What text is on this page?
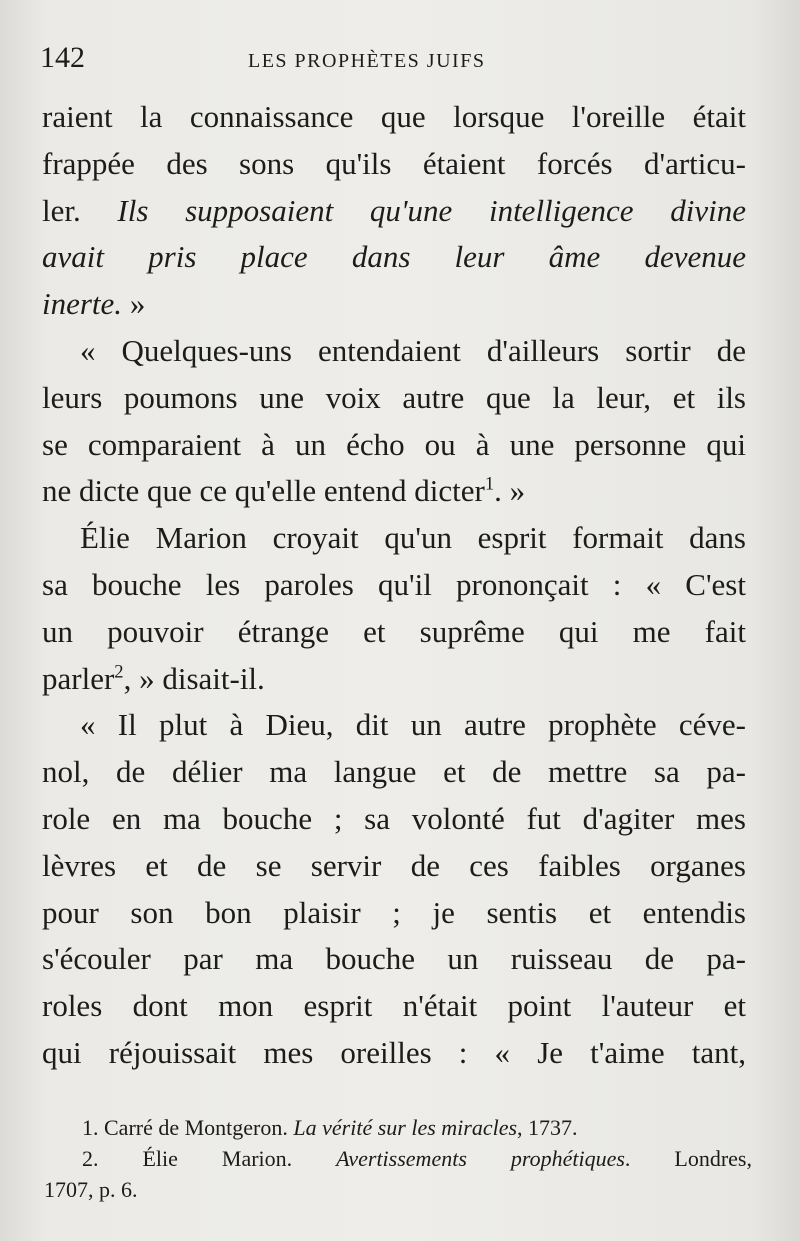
142	LES PROPHÈTES JUIFS
raient la connaissance que lorsque l'oreille était
frappée des sons qu'ils étaient forcés d'articu-
ler. Ils supposaient qu'une intelligence divine
avait pris place dans leur âme devenue
inerte. »
« Quelques-uns entendaient d'ailleurs sortir de
leurs poumons une voix autre que la leur, et ils
se comparaient à un écho ou à une personne qui
ne dicte que ce qu'elle entend dicter$^1$. »
Élie Marion croyait qu'un esprit formait dans
sa bouche les paroles qu'il prononçait : « C'est
un pouvoir étrange et suprême qui me fait
parler$^2$, » disait-il.
« Il plut à Dieu, dit un autre prophète céve-
nol, de délier ma langue et de mettre sa pa-
role en ma bouche ; sa volonté fut d'agiter mes
lèvres et de se servir de ces faibles organes
pour son bon plaisir ; je sentis et entendis
s'écouler par ma bouche un ruisseau de pa-
roles dont mon esprit n'était point l'auteur et
qui réjouissait mes oreilles : « Je t'aime tant,
1. Carré de Montgeron. La vérité sur les miracles, 1737.
2. Élie Marion. Avertissements prophétiques. Londres,
1707, p. 6.
